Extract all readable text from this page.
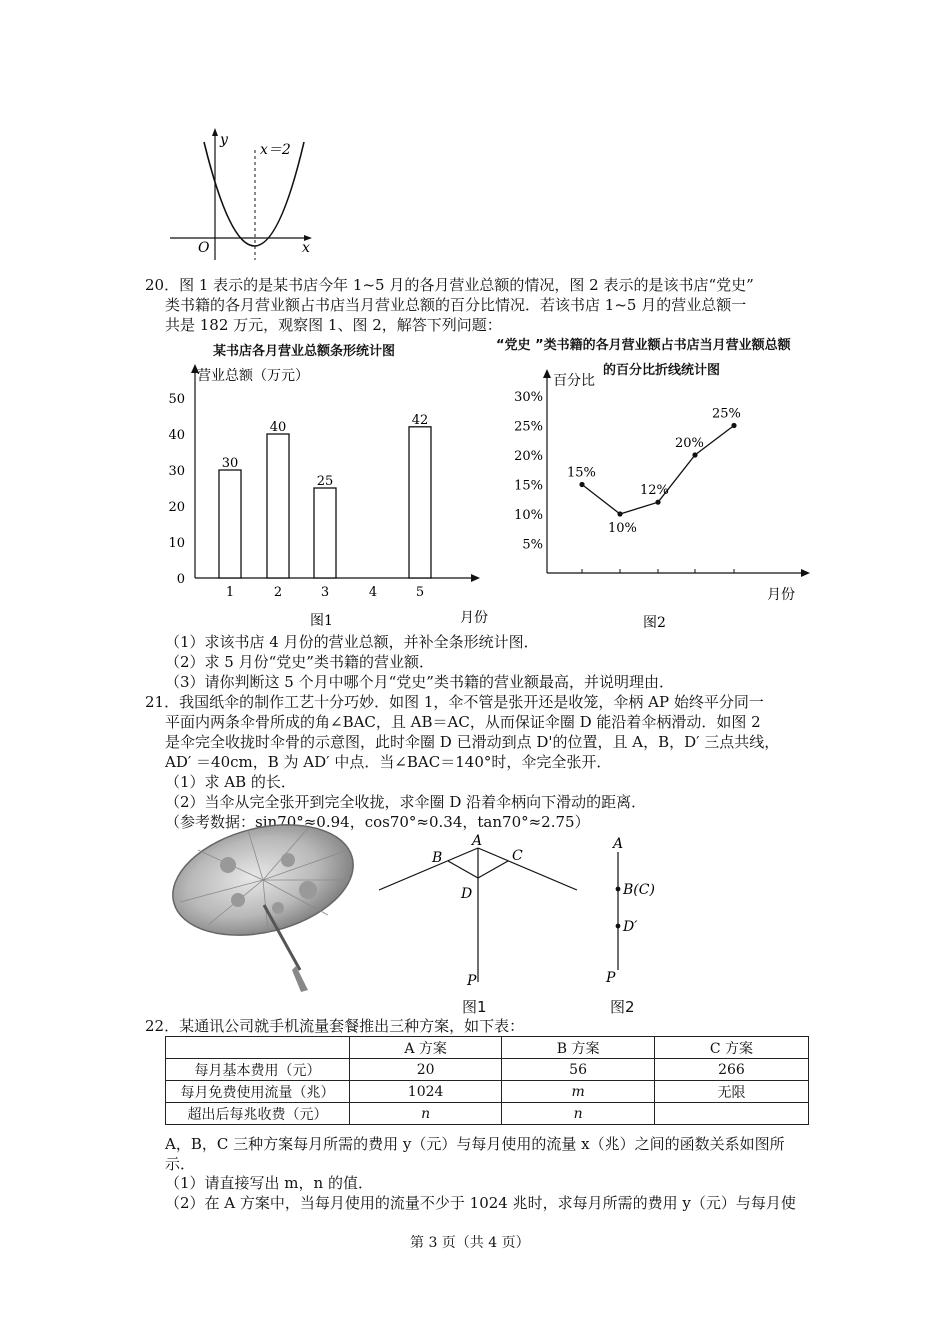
y
x
O
x＝2
20．图 1 表示的是某书店今年 1~5 月的各月营业总额的情况，图 2 表示的是该书店“党史”
类书籍的各月营业额占书店当月营业总额的百分比情况．若该书店 1~5 月的营业总额一
共是 182 万元，观察图 1、图 2，解答下列问题：
某书店各月营业总额条形统计图
营业总额（万元）
月份
图1
0
10
20
30
40
50
1
30
2
40
3
25
4	5
42
“党史 ”类书籍的各月营业额占书店当月营业额总额
的百分比折线统计图
百分比
月份
图2
5%
10%
15%
20%
25%
30%
15%
10%
12%
20%
25%
（1）求该书店 4 月份的营业总额，并补全条形统计图．
（2）求 5 月份“党史”类书籍的营业额．
（3）请你判断这 5 个月中哪个月“党史”类书籍的营业额最高，并说明理由．
21．我国纸伞的制作工艺十分巧妙．如图 1，伞不管是张开还是收笼，伞柄 AP 始终平分同一
平面内两条伞骨所成的角∠BAC，且 AB＝AC，从而保证伞圈 D 能沿着伞柄滑动．如图 2
是伞完全收拢时伞骨的示意图，此时伞圈 D 已滑动到点 D'的位置，且 A，B，D′ 三点共线，
AD′ ＝40cm，B 为 AD′ 中点．当∠BAC＝140°时，伞完全张开．
（1）求 AB 的长．
（2）当伞从完全张开到完全收拢，求伞圈 D 沿着伞柄向下滑动的距离．
（参考数据：sin70°≈0.94，cos70°≈0.34，tan70°≈2.75）
A
B	C
D
P
A
B(C)
D′
P
图1	图2
22．某通讯公司就手机流量套餐推出三种方案，如下表：
	A 方案	B 方案	C 方案
每月基本费用（元）	20	56	266
每月免费使用流量（兆）	1024	m	无限
超出后每兆收费（元）	n	n	
A，B，C 三种方案每月所需的费用 y（元）与每月使用的流量 x（兆）之间的函数关系如图所
示．
（1）请直接写出 m，n 的值．
（2）在 A 方案中，当每月使用的流量不少于 1024 兆时，求每月所需的费用 y（元）与每月使
第 3 页（共 4 页）
